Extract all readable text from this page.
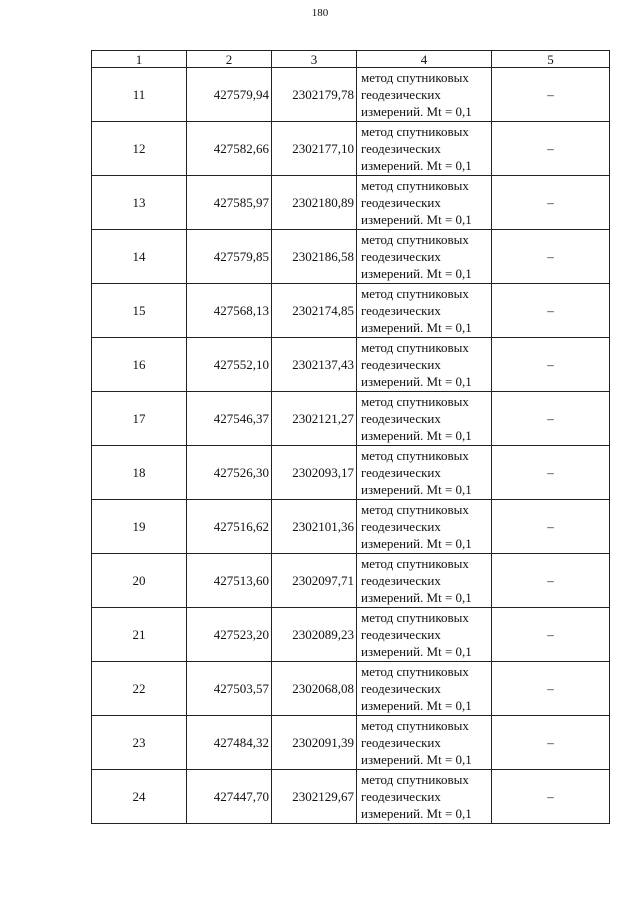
180
1	2	3	4	5
11	427579,94	2302179,78	метод спутниковых
геодезических
измерений. Mt = 0,1	–
12	427582,66	2302177,10	метод спутниковых
геодезических
измерений. Mt = 0,1	–
13	427585,97	2302180,89	метод спутниковых
геодезических
измерений. Mt = 0,1	–
14	427579,85	2302186,58	метод спутниковых
геодезических
измерений. Mt = 0,1	–
15	427568,13	2302174,85	метод спутниковых
геодезических
измерений. Mt = 0,1	–
16	427552,10	2302137,43	метод спутниковых
геодезических
измерений. Mt = 0,1	–
17	427546,37	2302121,27	метод спутниковых
геодезических
измерений. Mt = 0,1	–
18	427526,30	2302093,17	метод спутниковых
геодезических
измерений. Mt = 0,1	–
19	427516,62	2302101,36	метод спутниковых
геодезических
измерений. Mt = 0,1	–
20	427513,60	2302097,71	метод спутниковых
геодезических
измерений. Mt = 0,1	–
21	427523,20	2302089,23	метод спутниковых
геодезических
измерений. Mt = 0,1	–
22	427503,57	2302068,08	метод спутниковых
геодезических
измерений. Mt = 0,1	–
23	427484,32	2302091,39	метод спутниковых
геодезических
измерений. Mt = 0,1	–
24	427447,70	2302129,67	метод спутниковых
геодезических
измерений. Mt = 0,1	–
